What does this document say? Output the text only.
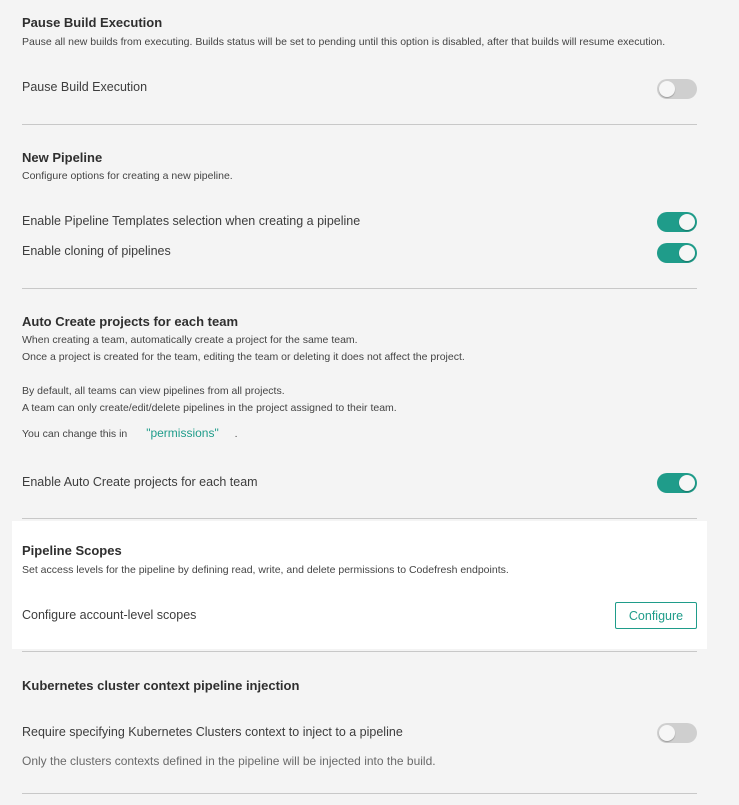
Pause Build Execution
Pause all new builds from executing. Builds status will be set to pending until this option is disabled, after that builds will resume execution.
Pause Build Execution
New Pipeline
Configure options for creating a new pipeline.
Enable Pipeline Templates selection when creating a pipeline
Enable cloning of pipelines
Auto Create projects for each team
When creating a team, automatically create a project for the same team.
Once a project is created for the team, editing the team or deleting it does not affect the project.
By default, all teams can view pipelines from all projects.
A team can only create/edit/delete pipelines in the project assigned to their team.
You can change this in "permissions" .
Enable Auto Create projects for each team
Pipeline Scopes
Set access levels for the pipeline by defining read, write, and delete permissions to Codefresh endpoints.
Configure account-level scopes	Configure
Kubernetes cluster context pipeline injection
Require specifying Kubernetes Clusters context to inject to a pipeline
Only the clusters contexts defined in the pipeline will be injected into the build.
